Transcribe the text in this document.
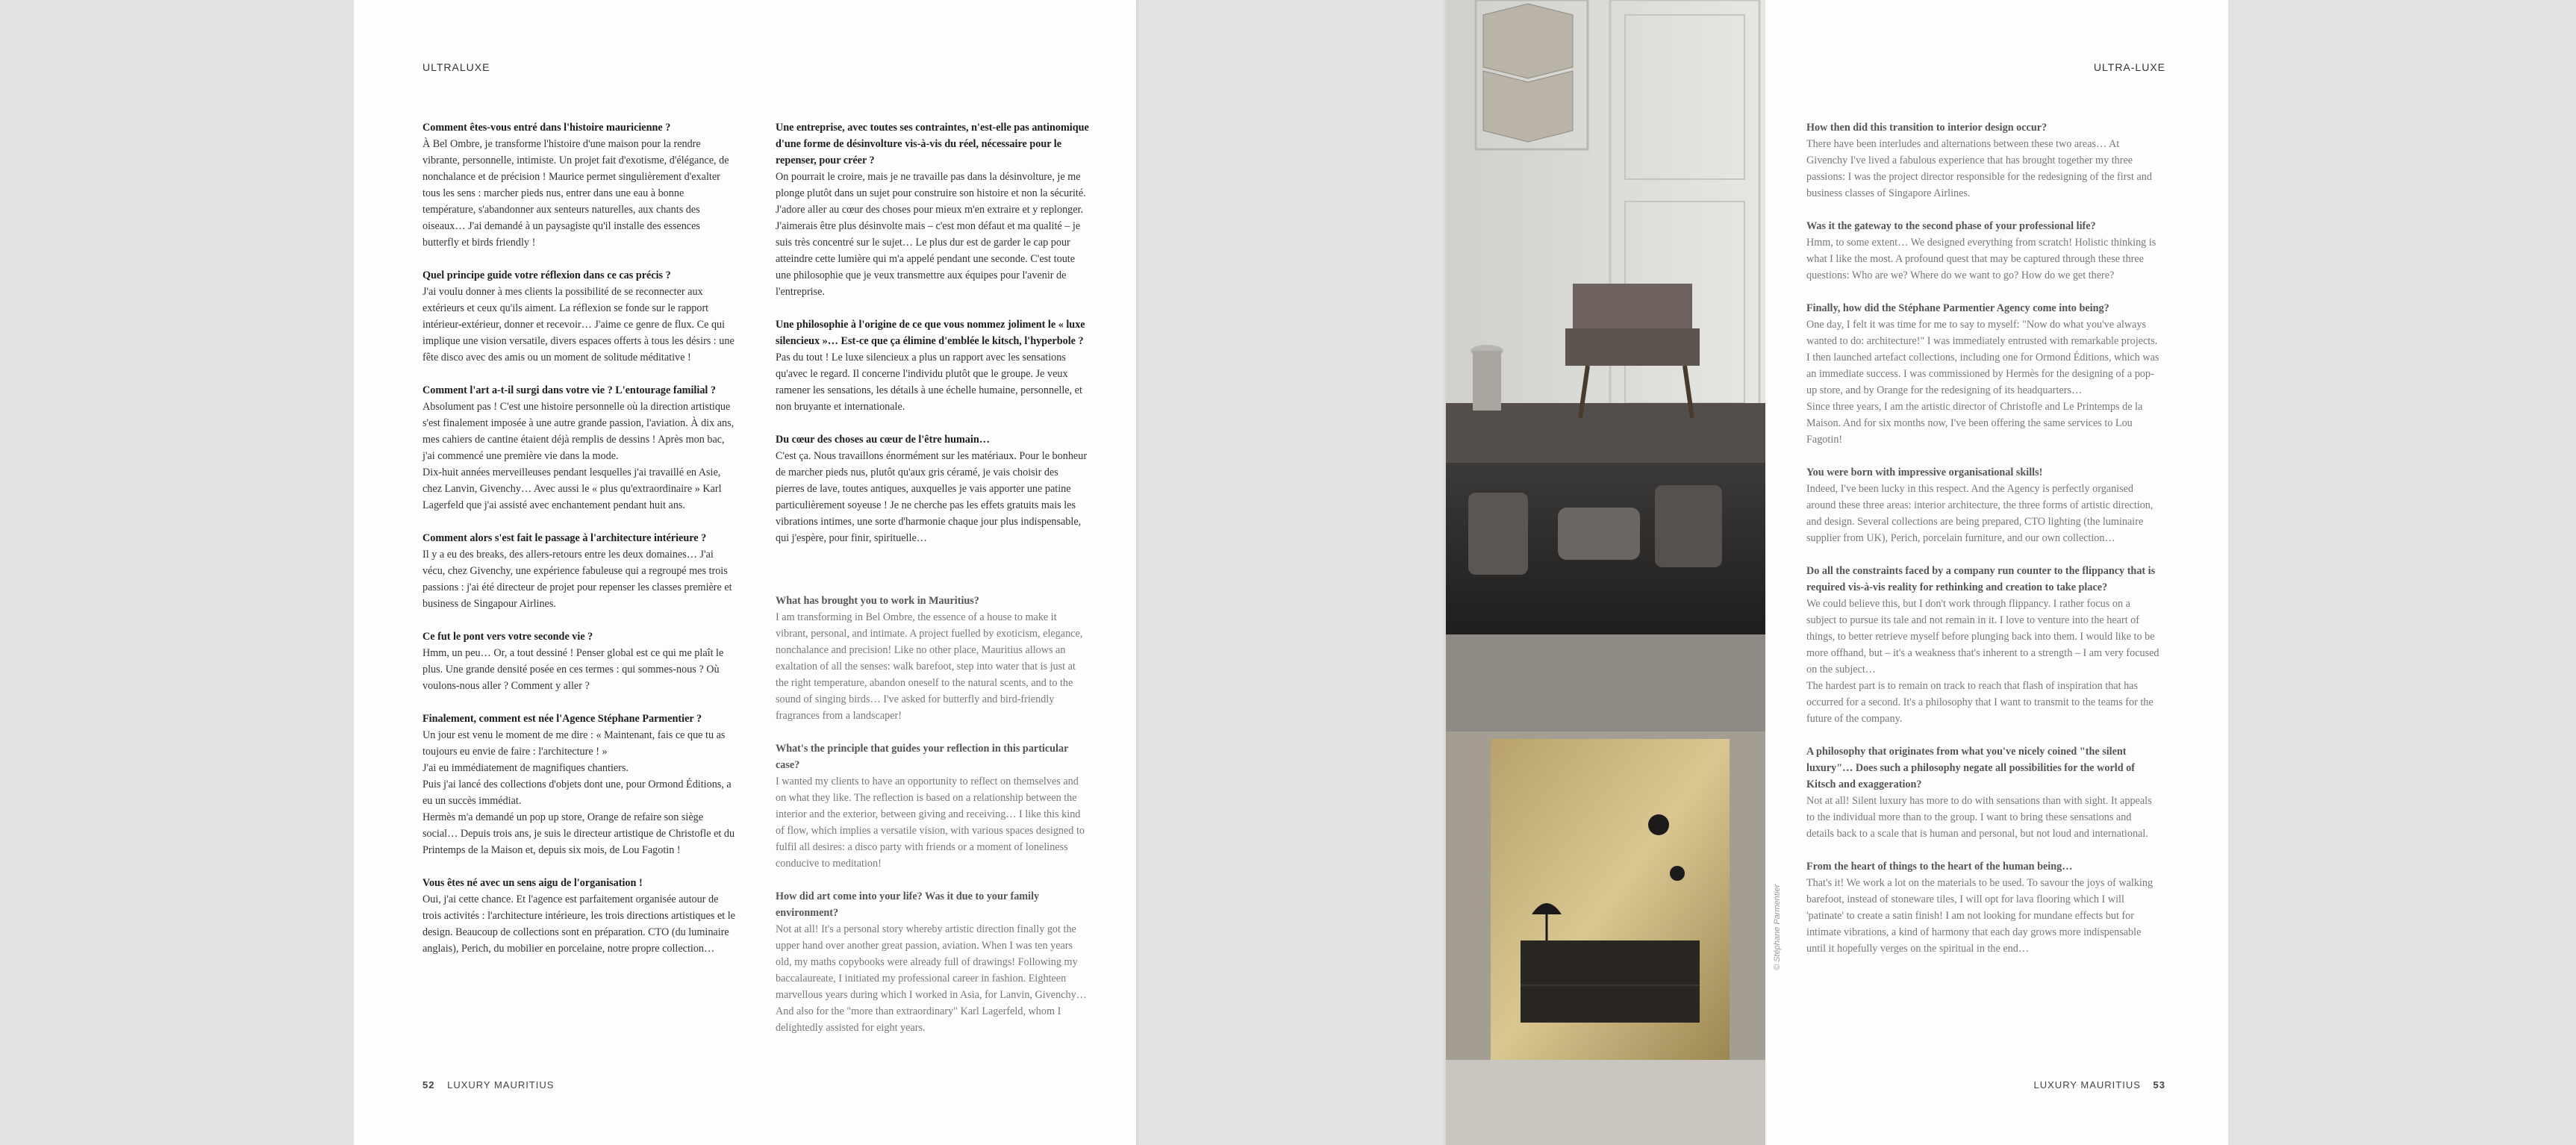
ULTRALUXE
Comment êtes-vous entré dans l'histoire mauricienne ?
À Bel Ombre, je transforme l'histoire d'une maison pour la rendre vibrante, personnelle, intimiste. Un projet fait d'exotisme, d'élégance, de nonchalance et de précision ! Maurice permet singulièrement d'exalter tous les sens : marcher pieds nus, entrer dans une eau à bonne température, s'abandonner aux senteurs naturelles, aux chants des oiseaux… J'ai demandé à un paysagiste qu'il installe des essences butterfly et birds friendly !
Quel principe guide votre réflexion dans ce cas précis ?
J'ai voulu donner à mes clients la possibilité de se reconnecter aux extérieurs et ceux qu'ils aiment. La réflexion se fonde sur le rapport intérieur-extérieur, donner et recevoir… J'aime ce genre de flux. Ce qui implique une vision versatile, divers espaces offerts à tous les désirs : une fête disco avec des amis ou un moment de solitude méditative !
Comment l'art a-t-il surgi dans votre vie ? L'entourage familial ?
Absolument pas ! C'est une histoire personnelle où la direction artistique s'est finalement imposée à une autre grande passion, l'aviation. À dix ans, mes cahiers de cantine étaient déjà remplis de dessins ! Après mon bac, j'ai commencé une première vie dans la mode.
Dix-huit années merveilleuses pendant lesquelles j'ai travaillé en Asie, chez Lanvin, Givenchy… Avec aussi le « plus qu'extraordinaire » Karl Lagerfeld que j'ai assisté avec enchantement pendant huit ans.
Comment alors s'est fait le passage à l'architecture intérieure ?
Il y a eu des breaks, des allers-retours entre les deux domaines… J'ai vécu, chez Givenchy, une expérience fabuleuse qui a regroupé mes trois passions : j'ai été directeur de projet pour repenser les classes première et business de Singapour Airlines.
Ce fut le pont vers votre seconde vie ?
Hmm, un peu… Or, a tout dessiné ! Penser global est ce qui me plaît le plus. Une grande densité posée en ces termes : qui sommes-nous ? Où voulons-nous aller ? Comment y aller ?
Finalement, comment est née l'Agence Stéphane Parmentier ?
Un jour est venu le moment de me dire : « Maintenant, fais ce que tu as toujours eu envie de faire : l'architecture ! »
J'ai eu immédiatement de magnifiques chantiers.
Puis j'ai lancé des collections d'objets dont une, pour Ormond Éditions, a eu un succès immédiat.
Hermès m'a demandé un pop up store, Orange de refaire son siège social… Depuis trois ans, je suis le directeur artistique de Christofle et du Printemps de la Maison et, depuis six mois, de Lou Fagotin !
Vous êtes né avec un sens aigu de l'organisation !
Oui, j'ai cette chance. Et l'agence est parfaitement organisée autour de trois activités : l'architecture intérieure, les trois directions artistiques et le design. Beaucoup de collections sont en préparation. CTO (du luminaire anglais), Perich, du mobilier en porcelaine, notre propre collection…
Une entreprise, avec toutes ses contraintes, n'est-elle pas antinomique d'une forme de désinvolture vis-à-vis du réel, nécessaire pour le repenser, pour créer ?
On pourrait le croire, mais je ne travaille pas dans la désinvolture, je me plonge plutôt dans un sujet pour construire son histoire et non la sécurité. J'adore aller au cœur des choses pour mieux m'en extraire et y replonger. J'aimerais être plus désinvolte mais – c'est mon défaut et ma qualité – je suis très concentré sur le sujet… Le plus dur est de garder le cap pour atteindre cette lumière qui m'a appelé pendant une seconde. C'est toute une philosophie que je veux transmettre aux équipes pour l'avenir de l'entreprise.
Une philosophie à l'origine de ce que vous nommez joliment le « luxe silencieux »… Est-ce que ça élimine d'emblée le kitsch, l'hyperbole ?
Pas du tout ! Le luxe silencieux a plus un rapport avec les sensations qu'avec le regard. Il concerne l'individu plutôt que le groupe. Je veux ramener les sensations, les détails à une échelle humaine, personnelle, et non bruyante et internationale.
Du cœur des choses au cœur de l'être humain…
C'est ça. Nous travaillons énormément sur les matériaux. Pour le bonheur de marcher pieds nus, plutôt qu'aux gris céramé, je vais choisir des pierres de lave, toutes antiques, auxquelles je vais apporter une patine particulièrement soyeuse ! Je ne cherche pas les effets gratuits mais les vibrations intimes, une sorte d'harmonie chaque jour plus indispensable, qui j'espère, pour finir, spirituelle…
What has brought you to work in Mauritius?
I am transforming in Bel Ombre, the essence of a house to make it vibrant, personal, and intimate. A project fuelled by exoticism, elegance, nonchalance and precision! Like no other place, Mauritius allows an exaltation of all the senses: walk barefoot, step into water that is just at the right temperature, abandon oneself to the natural scents, and to the sound of singing birds… I've asked for butterfly and bird-friendly fragrances from a landscaper!
What's the principle that guides your reflection in this particular case?
I wanted my clients to have an opportunity to reflect on themselves and on what they like. The reflection is based on a relationship between the interior and the exterior, between giving and receiving… I like this kind of flow, which implies a versatile vision, with various spaces designed to fulfil all desires: a disco party with friends or a moment of loneliness conducive to meditation!
How did art come into your life? Was it due to your family environment?
Not at all! It's a personal story whereby artistic direction finally got the upper hand over another great passion, aviation. When I was ten years old, my maths copybooks were already full of drawings! Following my baccalaureate, I initiated my professional career in fashion. Eighteen marvellous years during which I worked in Asia, for Lanvin, Givenchy… And also for the "more than extraordinary" Karl Lagerfeld, whom I delightedly assisted for eight years.
52 LUXURY MAURITIUS
© Stéphane Parmentier
ULTRA-LUXE
How then did this transition to interior design occur?
There have been interludes and alternations between these two areas… At Givenchy I've lived a fabulous experience that has brought together my three passions: I was the project director responsible for the redesigning of the first and business classes of Singapore Airlines.
Was it the gateway to the second phase of your professional life?
Hmm, to some extent… We designed everything from scratch! Holistic thinking is what I like the most. A profound quest that may be captured through these three questions: Who are we? Where do we want to go? How do we get there?
Finally, how did the Stéphane Parmentier Agency come into being?
One day, I felt it was time for me to say to myself: "Now do what you've always wanted to do: architecture!" I was immediately entrusted with remarkable projects.
I then launched artefact collections, including one for Ormond Éditions, which was an immediate success. I was commissioned by Hermès for the designing of a pop-up store, and by Orange for the redesigning of its headquarters…
Since three years, I am the artistic director of Christofle and Le Printemps de la Maison. And for six months now, I've been offering the same services to Lou Fagotin!
You were born with impressive organisational skills!
Indeed, I've been lucky in this respect. And the Agency is perfectly organised around these three areas: interior architecture, the three forms of artistic direction, and design. Several collections are being prepared, CTO lighting (the luminaire supplier from UK), Perich, porcelain furniture, and our own collection…
Do all the constraints faced by a company run counter to the flippancy that is required vis-à-vis reality for rethinking and creation to take place?
We could believe this, but I don't work through flippancy. I rather focus on a subject to pursue its tale and not remain in it. I love to venture into the heart of things, to better retrieve myself before plunging back into them. I would like to be more offhand, but – it's a weakness that's inherent to a strength – I am very focused on the subject…
The hardest part is to remain on track to reach that flash of inspiration that has occurred for a second. It's a philosophy that I want to transmit to the teams for the future of the company.
A philosophy that originates from what you've nicely coined "the silent luxury"… Does such a philosophy negate all possibilities for the world of Kitsch and exaggeration?
Not at all! Silent luxury has more to do with sensations than with sight. It appeals to the individual more than to the group. I want to bring these sensations and details back to a scale that is human and personal, but not loud and international.
From the heart of things to the heart of the human being…
That's it! We work a lot on the materials to be used. To savour the joys of walking barefoot, instead of stoneware tiles, I will opt for lava flooring which I will 'patinate' to create a satin finish! I am not looking for mundane effects but for intimate vibrations, a kind of harmony that each day grows more indispensable until it hopefully verges on the spiritual in the end…
LUXURY MAURITIUS 53
